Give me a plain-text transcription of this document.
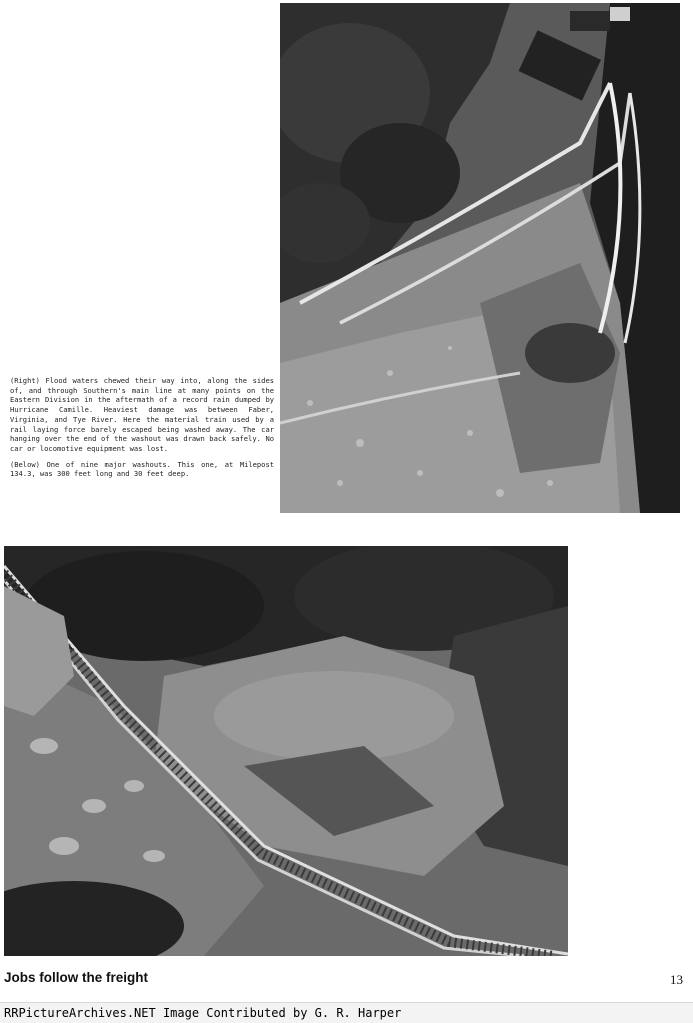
(Right) Flood waters chewed their way into, along the sides of, and through Southern's main line at many points on the Eastern Division in the aftermath of a record rain dumped by Hurricane Camille. Heaviest damage was between Faber, Virginia, and Tye River. Here the material train used by a rail laying force barely escaped being washed away. The car hanging over the end of the washout was drawn back safely. No car or locomotive equipment was lost.

(Below) One of nine major washouts. This one, at Milepost 134.3, was 300 feet long and 30 feet deep.

Jobs follow the freight	13
RRPictureArchives.NET Image Contributed by G. R. Harper
